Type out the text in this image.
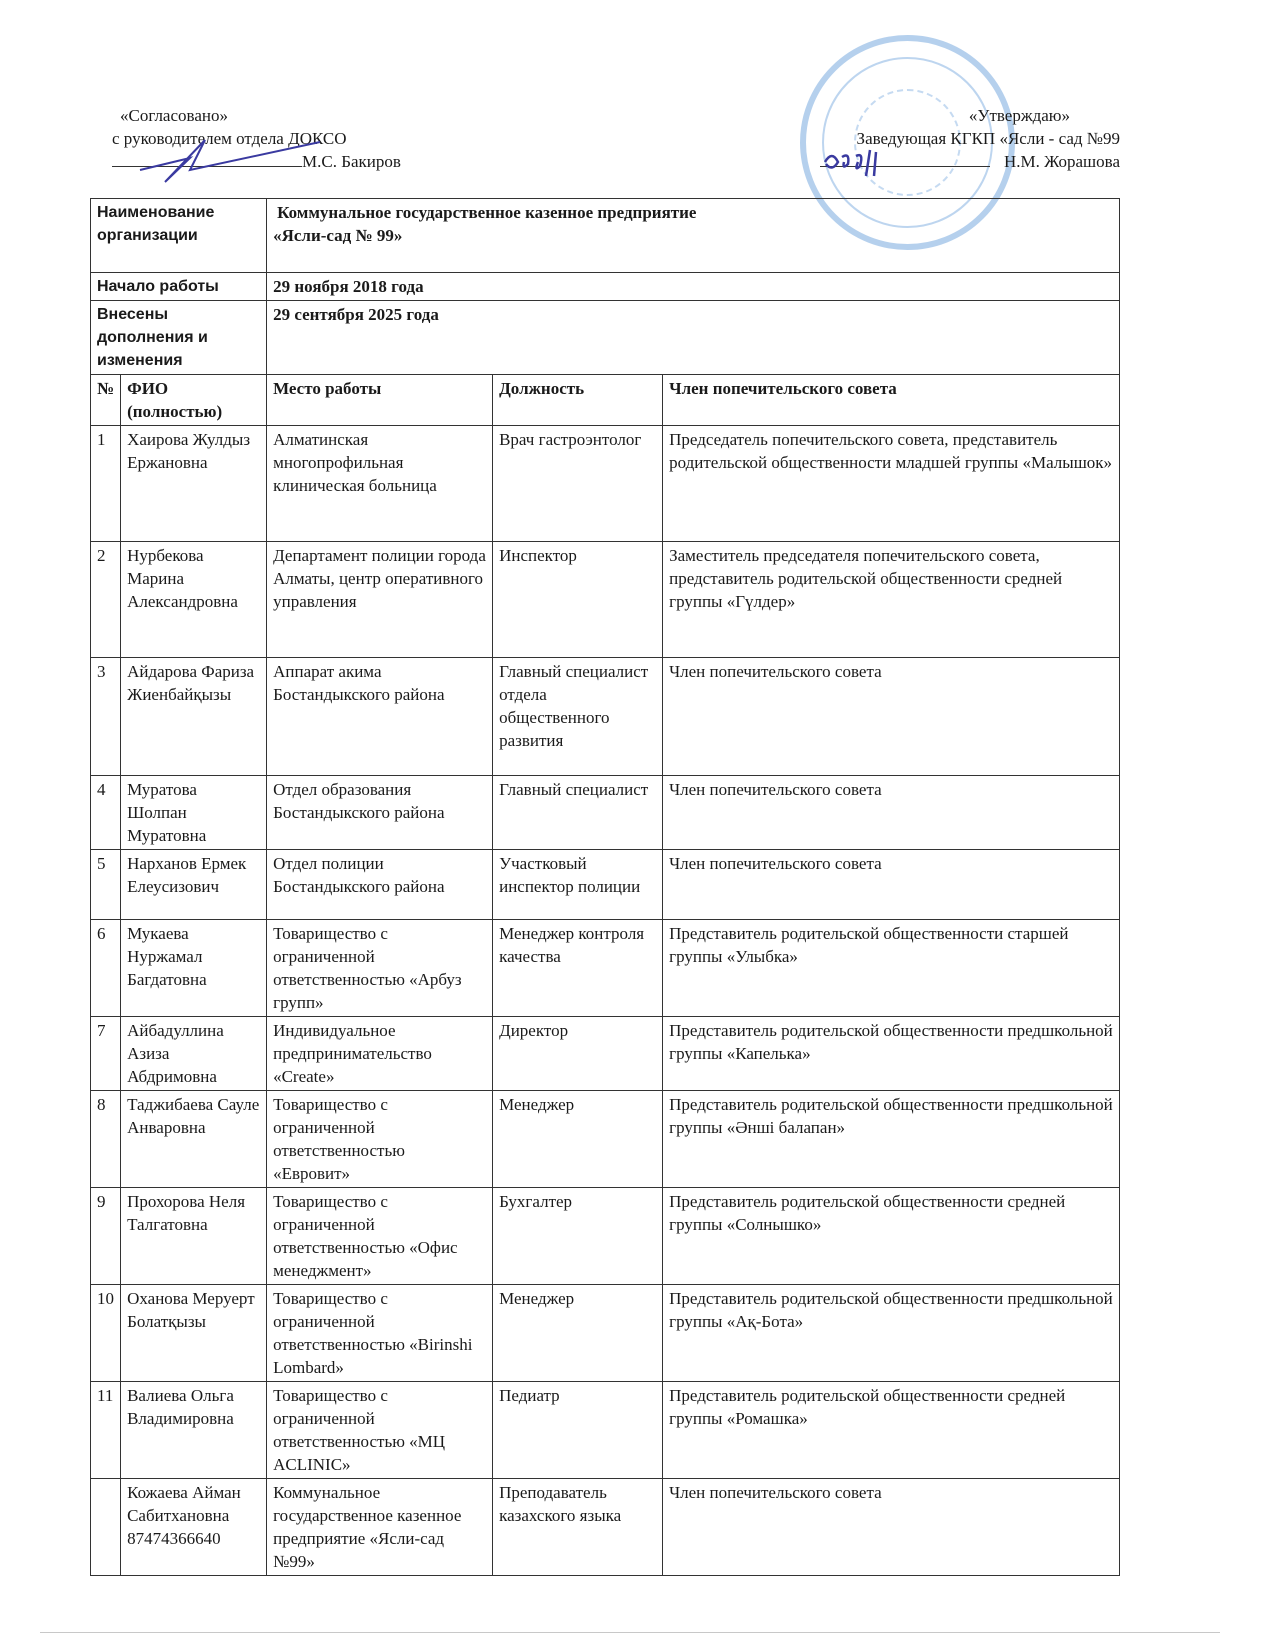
«Согласовано»
с руководителем отдела ДОКСО
М.С. Бакиров
«Утверждаю»
Заведующая КГКП «Ясли - сад №99
Н.М. Жорашова
Наименование организации		Коммунальное государственное казенное предприятие
«Ясли-сад № 99»		

Начало работы		29 ноября 2018 года		
Внесены дополнения и изменения		29 сентября 2025 года		
№	ФИО (полностью)	Место работы	Должность	Член попечительского совета
1	Хаирова Жулдыз Ержановна	Алматинская многопрофильная клиническая больница	Врач гастроэнтолог	Председатель попечительского совета, представитель родительской общественности младшей группы «Малышок»
2	Нурбекова Марина Александровна	Департамент полиции города Алматы, центр оперативного управления	Инспектор	Заместитель председателя попечительского совета, представитель родительской общественности средней группы «Гүлдер»
3	Айдарова Фариза Жиенбайқызы	Аппарат акима Бостандыкского района	Главный специалист отдела общественного развития	Член попечительского совета
4	Муратова Шолпан Муратовна	Отдел образования Бостандыкского района	Главный специалист	Член попечительского совета
5	Нарханов Ермек Елеусизович	Отдел полиции Бостандыкского района	Участковый инспектор полиции	Член попечительского совета
6	Мукаева Нуржамал Багдатовна	Товарищество с ограниченной ответственностью «Арбуз групп»	Менеджер контроля качества	Представитель родительской общественности старшей группы «Улыбка»
7	Айбадуллина Азиза Абдримовна	Индивидуальное предпринимательство «Create»	Директор	Представитель родительской общественности предшкольной группы «Капелька»
8	Таджибаева Сауле Анваровна	Товарищество с ограниченной ответственностью «Евровит»	Менеджер	Представитель родительской общественности предшкольной группы «Әнші балапан»
9	Прохорова Неля Талгатовна	Товарищество с ограниченной ответственностью «Офис менеджмент»	Бухгалтер	Представитель родительской общественности средней группы «Солнышко»
10	Оханова Меруерт Болатқызы	Товарищество с ограниченной ответственностью «Birinshi Lombard»	Менеджер	Представитель родительской общественности предшкольной группы «Ақ-Бота»
11	Валиева Ольга Владимировна	Товарищество с ограниченной ответственностью «МЦ ACLINIC»	Педиатр	Представитель родительской общественности средней группы «Ромашка»
	Кожаева Айман Сабитхановна 87474366640	Коммунальное государственное казенное предприятие «Ясли-сад №99»	Преподаватель казахского языка	Член попечительского совета
